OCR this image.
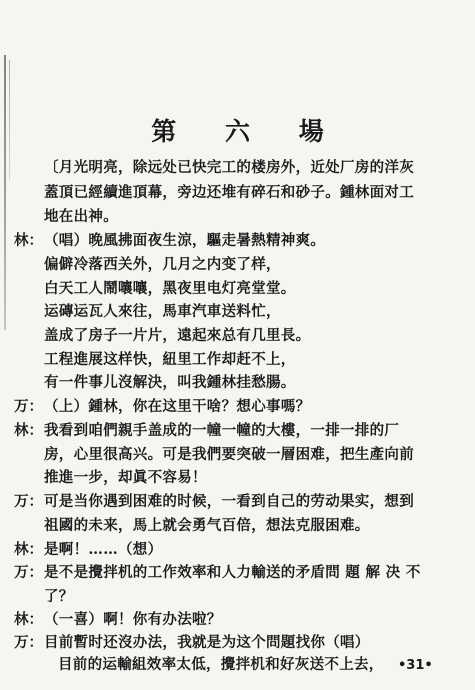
第 六 場
〔月光明亮，除远处已快完工的楼房外，近处厂房的洋灰
蓋頂已經續進頂幕，旁边还堆有碎石和砂子。鍾林面对工
地在出神。
林： （唱）晚風拂面夜生涼，驅走暑熱精神爽。
偏僻冷落西关外，几月之内变了样，
白天工人鬧嚷嚷，黑夜里电灯亮堂堂。
运磚运瓦人來往，馬車汽車送料忙，
盖成了房子一片片，遠起來总有几里長。
工程進展这样快，紐里工作却赶不上，
有一件事儿沒解決，叫我鍾林挂愁腸。
万： （上）鍾林，你在这里干啥？想心事嗎？
林： 我看到咱們親手盖成的一幢一幢的大樓，一排一排的厂
房，心里很高兴。可是我們要突破一層困难，把生產向前
推進一步，却眞不容易！
万： 可是当你遇到困难的时候，一看到自己的劳动果实，想到
祖國的未来，馬上就会勇气百倍，想法克服困难。
林： 是啊！……（想）
万： 是不是攪拌机的工作效率和人力輸送的矛盾問 題 解 决 不
了？
林： （一喜）啊！你有办法啦？
万： 目前暫时还沒办法，我就是为这个問題找你（唱）
目前的运輸組效率太低，攪拌机和好灰送不上去， •31•
